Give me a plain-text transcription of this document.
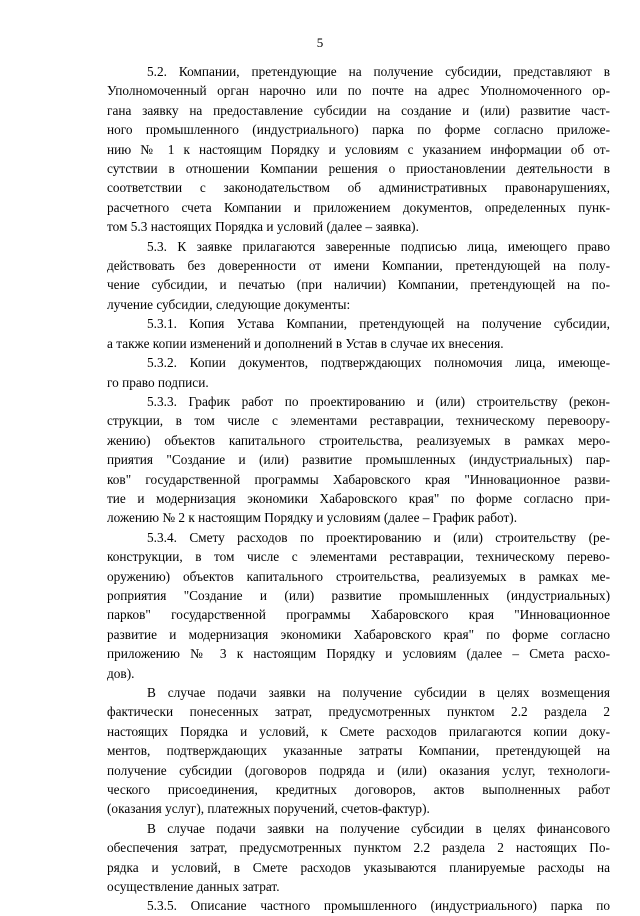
5

5.2. Компании, претендующие на получение субсидии, представляют в
Уполномоченный орган нарочно или по почте на адрес Уполномоченного ор-
гана заявку на предоставление субсидии на создание и (или) развитие част-
ного промышленного (индустриального) парка по форме согласно приложе-
нию № 1 к настоящим Порядку и условиям с указанием информации об от-
сутствии в отношении Компании решения о приостановлении деятельности в
соответствии с законодательством об административных правонарушениях,
расчетного счета Компании и приложением документов, определенных пунк-
том 5.3 настоящих Порядка и условий (далее – заявка).

5.3. К заявке прилагаются заверенные подписью лица, имеющего право
действовать без доверенности от имени Компании, претендующей на полу-
чение субсидии, и печатью (при наличии) Компании, претендующей на по-
лучение субсидии, следующие документы:

5.3.1. Копия Устава Компании, претендующей на получение субсидии,
а также копии изменений и дополнений в Устав в случае их внесения.

5.3.2. Копии документов, подтверждающих полномочия лица, имеюще-
го право подписи.

5.3.3. График работ по проектированию и (или) строительству (рекон-
струкции, в том числе с элементами реставрации, техническому перевоору-
жению) объектов капитального строительства, реализуемых в рамках меро-
приятия "Создание и (или) развитие промышленных (индустриальных) пар-
ков" государственной программы Хабаровского края "Инновационное разви-
тие и модернизация экономики Хабаровского края" по форме согласно при-
ложению № 2 к настоящим Порядку и условиям (далее – График работ).

5.3.4. Смету расходов по проектированию и (или) строительству (ре-
конструкции, в том числе с элементами реставрации, техническому перево-
оружению) объектов капитального строительства, реализуемых в рамках ме-
роприятия "Создание и (или) развитие промышленных (индустриальных)
парков" государственной программы Хабаровского края "Инновационное
развитие и модернизация экономики Хабаровского края" по форме согласно
приложению № 3 к настоящим Порядку и условиям (далее – Смета расхо-
дов).

В случае подачи заявки на получение субсидии в целях возмещения
фактически понесенных затрат, предусмотренных пунктом 2.2 раздела 2
настоящих Порядка и условий, к Смете расходов прилагаются копии доку-
ментов, подтверждающих указанные затраты Компании, претендующей на
получение субсидии (договоров подряда и (или) оказания услуг, технологи-
ческого присоединения, кредитных договоров, актов выполненных работ
(оказания услуг), платежных поручений, счетов-фактур).

В случае подачи заявки на получение субсидии в целях финансового
обеспечения затрат, предусмотренных пунктом 2.2 раздела 2 настоящих По-
рядка и условий, в Смете расходов указываются планируемые расходы на
осуществление данных затрат.

5.3.5. Описание частного промышленного (индустриального) парка по
